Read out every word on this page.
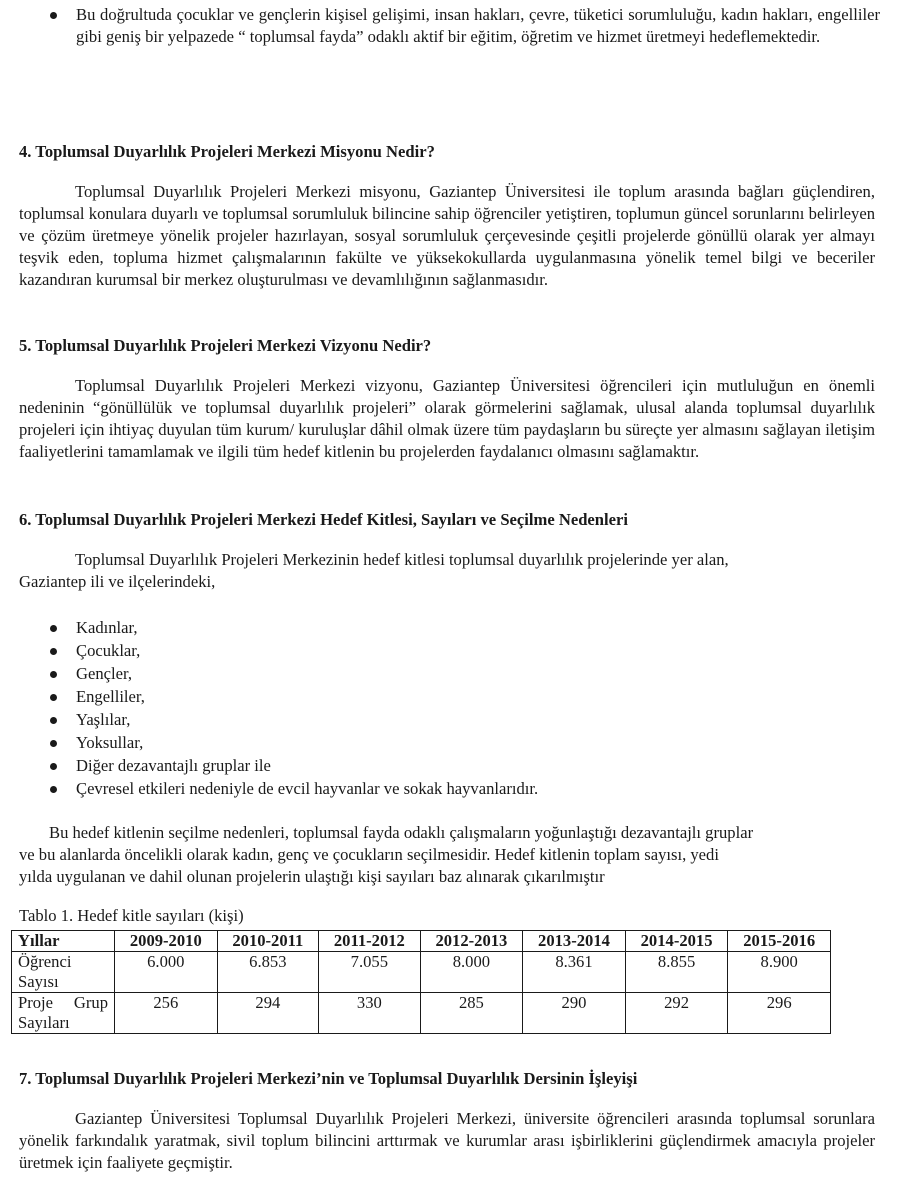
Bu doğrultuda çocuklar ve gençlerin kişisel gelişimi, insan hakları, çevre, tüketici sorumluluğu, kadın hakları, engelliler gibi geniş bir yelpazede “ toplumsal fayda” odaklı aktif bir eğitim, öğretim ve hizmet üretmeyi hedeflemektedir.
4. Toplumsal Duyarlılık Projeleri Merkezi Misyonu Nedir?
Toplumsal Duyarlılık Projeleri Merkezi misyonu, Gaziantep Üniversitesi ile toplum arasında bağları güçlendiren, toplumsal konulara duyarlı ve toplumsal sorumluluk bilincine sahip öğrenciler yetiştiren, toplumun güncel sorunlarını belirleyen ve çözüm üretmeye yönelik projeler hazırlayan, sosyal sorumluluk çerçevesinde çeşitli projelerde gönüllü olarak yer almayı teşvik eden, topluma hizmet çalışmalarının fakülte ve yüksekokullarda uygulanmasına yönelik temel bilgi ve beceriler kazandıran kurumsal bir merkez oluşturulması ve devamlılığının sağlanmasıdır.
5. Toplumsal Duyarlılık Projeleri Merkezi Vizyonu Nedir?
Toplumsal Duyarlılık Projeleri Merkezi vizyonu, Gaziantep Üniversitesi öğrencileri için mutluluğun en önemli nedeninin “gönüllülük ve toplumsal duyarlılık projeleri” olarak görmelerini sağlamak, ulusal alanda toplumsal duyarlılık projeleri için ihtiyaç duyulan tüm kurum/ kuruluşlar dâhil olmak üzere tüm paydaşların bu süreçte yer almasını sağlayan iletişim faaliyetlerini tamamlamak ve ilgili tüm hedef kitlenin bu projelerden faydalanıcı olmasını sağlamaktır.
6. Toplumsal Duyarlılık Projeleri Merkezi Hedef Kitlesi, Sayıları ve Seçilme Nedenleri
Toplumsal Duyarlılık Projeleri Merkezinin hedef kitlesi toplumsal duyarlılık projelerinde yer alan,
Gaziantep ili ve ilçelerindeki,
Kadınlar,
Çocuklar,
Gençler,
Engelliler,
Yaşlılar,
Yoksullar,
Diğer dezavantajlı gruplar ile
Çevresel etkileri nedeniyle de evcil hayvanlar ve sokak hayvanlarıdır.
Bu hedef kitlenin seçilme nedenleri, toplumsal fayda odaklı çalışmaların yoğunlaştığı dezavantajlı gruplar
ve bu alanlarda öncelikli olarak kadın, genç ve çocukların seçilmesidir. Hedef kitlenin toplam sayısı, yedi
yılda uygulanan ve dahil olunan projelerin ulaştığı kişi sayıları baz alınarak çıkarılmıştır
Tablo 1. Hedef kitle sayıları (kişi)
Yıllar	2009-2010	2010-2011	2011-2012	2012-2013	2013-2014	2014-2015	2015-2016

Öğrenci
Sayısı	6.000	6.853	7.055	8.000	8.361	8.855	8.900

Proje Grup
Sayıları	256	294	330	285	290	292	296
7. Toplumsal Duyarlılık Projeleri Merkezi’nin ve Toplumsal Duyarlılık Dersinin İşleyişi
Gaziantep Üniversitesi Toplumsal Duyarlılık Projeleri Merkezi, üniversite öğrencileri arasında toplumsal sorunlara yönelik farkındalık yaratmak, sivil toplum bilincini arttırmak ve kurumlar arası işbirliklerini güçlendirmek amacıyla projeler üretmek için faaliyete geçmiştir.
